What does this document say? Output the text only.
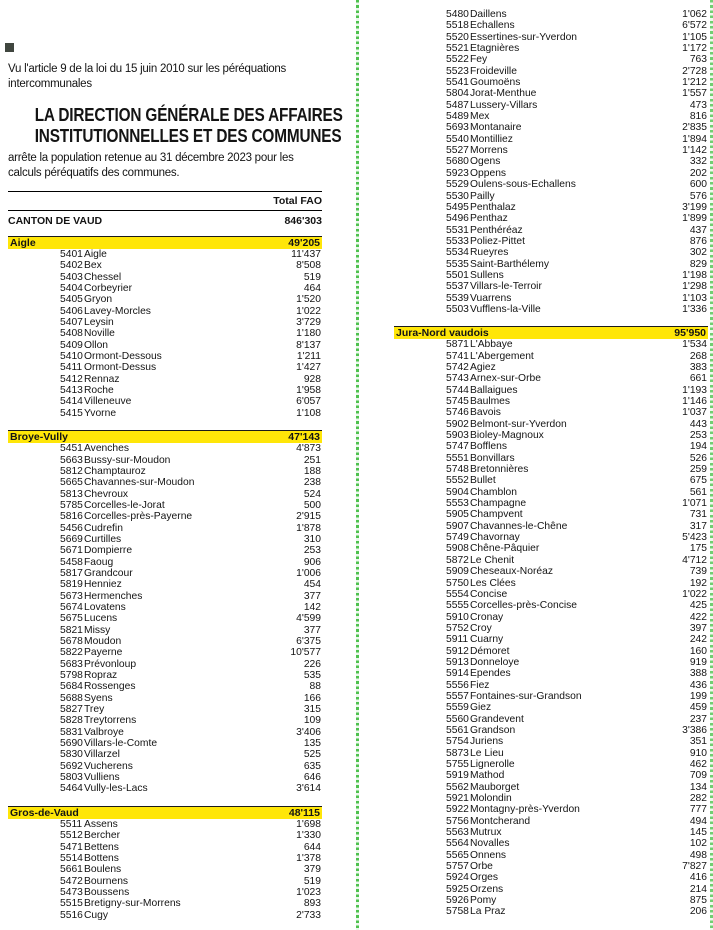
Vu l'article 9 de la loi du 15 juin 2010 sur les péréquations
intercommunales
LA DIRECTION GÉNÉRALE DES AFFAIRES
INSTITUTIONNELLES ET DES COMMUNES
arrête la population retenue au 31 décembre 2023 pour les
calculs péréquatifs des communes.
Total FAO
CANTON DE VAUD	846'303
Aigle	49'205
5401 Aigle	11'437
5402 Bex	8'508
5403 Chessel	519
5404 Corbeyrier	464
5405 Gryon	1'520
5406 Lavey-Morcles	1'022
5407 Leysin	3'729
5408 Noville	1'180
5409 Ollon	8'137
5410 Ormont-Dessous	1'211
5411 Ormont-Dessus	1'427
5412 Rennaz	928
5413 Roche	1'958
5414 Villeneuve	6'057
5415 Yvorne	1'108
Broye-Vully	47'143
5451 Avenches	4'873
5663 Bussy-sur-Moudon	251
5812 Champtauroz	188
5665 Chavannes-sur-Moudon	238
5813 Chevroux	524
5785 Corcelles-le-Jorat	500
5816 Corcelles-près-Payerne	2'915
5456 Cudrefin	1'878
5669 Curtilles	310
5671 Dompierre	253
5458 Faoug	906
5817 Grandcour	1'006
5819 Henniez	454
5673 Hermenches	377
5674 Lovatens	142
5675 Lucens	4'599
5821 Missy	377
5678 Moudon	6'375
5822 Payerne	10'577
5683 Prévonloup	226
5798 Ropraz	535
5684 Rossenges	88
5688 Syens	166
5827 Trey	315
5828 Treytorrens	109
5831 Valbroye	3'406
5690 Villars-le-Comte	135
5830 Villarzel	525
5692 Vucherens	635
5803 Vulliens	646
5464 Vully-les-Lacs	3'614
Gros-de-Vaud	48'115
5511 Assens	1'698
5512 Bercher	1'330
5471 Bettens	644
5514 Bottens	1'378
5661 Boulens	379
5472 Bournens	519
5473 Boussens	1'023
5515 Bretigny-sur-Morrens	893
5516 Cugy	2'733
5480 Daillens	1'062
5518 Echallens	6'572
5520 Essertines-sur-Yverdon	1'105
5521 Etagnières	1'172
5522 Fey	763
5523 Froideville	2'728
5541 Goumoëns	1'212
5804 Jorat-Menthue	1'557
5487 Lussery-Villars	473
5489 Mex	816
5693 Montanaire	2'835
5540 Montilliez	1'894
5527 Morrens	1'142
5680 Ogens	332
5923 Oppens	202
5529 Oulens-sous-Echallens	600
5530 Pailly	576
5495 Penthalaz	3'199
5496 Penthaz	1'899
5531 Penthéréaz	437
5533 Poliez-Pittet	876
5534 Rueyres	302
5535 Saint-Barthélemy	829
5501 Sullens	1'198
5537 Villars-le-Terroir	1'298
5539 Vuarrens	1'103
5503 Vufflens-la-Ville	1'336
Jura-Nord vaudois	95'950
5871 L'Abbaye	1'534
5741 L'Abergement	268
5742 Agiez	383
5743 Arnex-sur-Orbe	661
5744 Ballaigues	1'193
5745 Baulmes	1'146
5746 Bavois	1'037
5902 Belmont-sur-Yverdon	443
5903 Bioley-Magnoux	253
5747 Bofflens	194
5551 Bonvillars	526
5748 Bretonnières	259
5552 Bullet	675
5904 Chamblon	561
5553 Champagne	1'071
5905 Champvent	731
5907 Chavannes-le-Chêne	317
5749 Chavornay	5'423
5908 Chêne-Pâquier	175
5872 Le Chenit	4'712
5909 Cheseaux-Noréaz	739
5750 Les Clées	192
5554 Concise	1'022
5555 Corcelles-près-Concise	425
5910 Cronay	422
5752 Croy	397
5911 Cuarny	242
5912 Démoret	160
5913 Donneloye	919
5914 Ependes	388
5556 Fiez	436
5557 Fontaines-sur-Grandson	199
5559 Giez	459
5560 Grandevent	237
5561 Grandson	3'386
5754 Juriens	351
5873 Le Lieu	910
5755 Lignerolle	462
5919 Mathod	709
5562 Mauborget	134
5921 Molondin	282
5922 Montagny-près-Yverdon	777
5756 Montcherand	494
5563 Mutrux	145
5564 Novalles	102
5565 Onnens	498
5757 Orbe	7'827
5924 Orges	416
5925 Orzens	214
5926 Pomy	875
5758 La Praz	206
